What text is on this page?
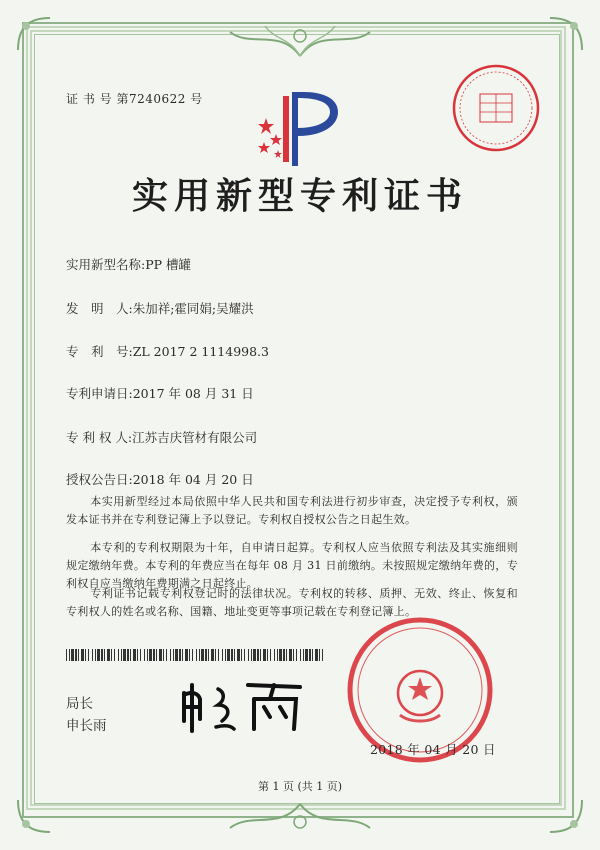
证 书 号 第7240622 号
实用新型专利证书
实用新型名称:PP 槽罐
发　明　人:朱加祥;霍同娟;吴耀洪
专　利　号:ZL 2017 2 1114998.3
专利申请日:2017 年 08 月 31 日
专 利 权 人:江苏吉庆管材有限公司
授权公告日:2018 年 04 月 20 日

本实用新型经过本局依照中华人民共和国专利法进行初步审查，决定授予专利权，颁发本证书并在专利登记簿上予以登记。专利权自授权公告之日起生效。

本专利的专利权期限为十年，自申请日起算。专利权人应当依照专利法及其实施细则规定缴纳年费。本专利的年费应当在每年 08 月 31 日前缴纳。未按照规定缴纳年费的，专利权自应当缴纳年费期满之日起终止。

专利证书记载专利权登记时的法律状况。专利权的转移、质押、无效、终止、恢复和专利权人的姓名或名称、国籍、地址变更等事项记载在专利登记簿上。

局长
申长雨
2018 年 04 月 20 日
第 1 页 (共 1 页)
